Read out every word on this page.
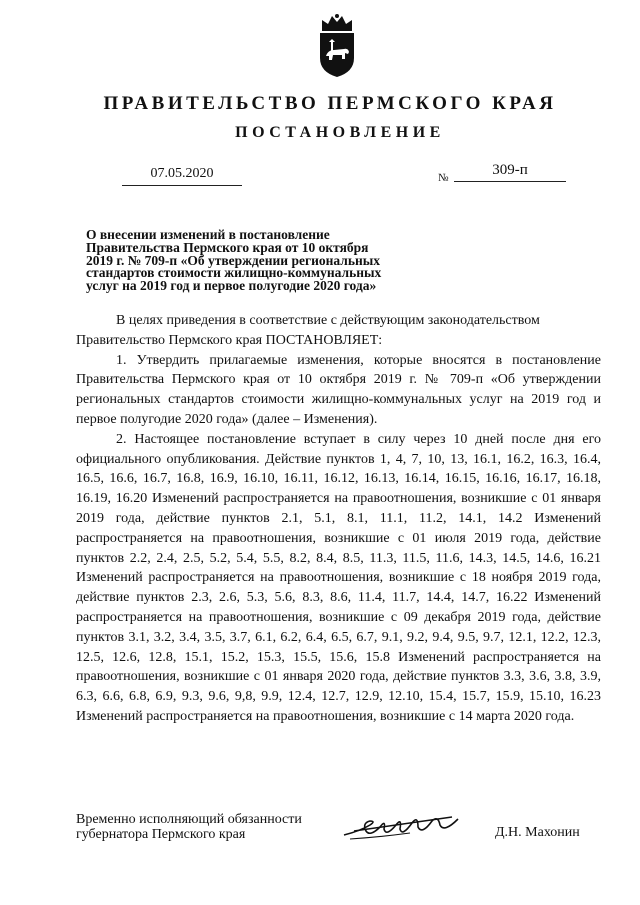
ПРАВИТЕЛЬСТВО ПЕРМСКОГО КРАЯ
ПОСТАНОВЛЕНИЕ
07.05.2020	№	309-п
О внесении изменений в постановление
Правительства Пермского края от 10 октября
2019 г. № 709-п «Об утверждении региональных
стандартов стоимости жилищно-коммунальных
услуг на 2019 год и первое полугодие 2020 года»

В целях приведения в соответствие с действующим законодательством Правительство Пермского края ПОСТАНОВЛЯЕТ:

1. Утвердить прилагаемые изменения, которые вносятся в постановление Правительства Пермского края от 10 октября 2019 г. № 709-п «Об утверждении региональных стандартов стоимости жилищно-коммунальных услуг на 2019 год и первое полугодие 2020 года» (далее – Изменения).

2. Настоящее постановление вступает в силу через 10 дней после дня его официального опубликования. Действие пунктов 1, 4, 7, 10, 13, 16.1, 16.2, 16.3, 16.4, 16.5, 16.6, 16.7, 16.8, 16.9, 16.10, 16.11, 16.12, 16.13, 16.14, 16.15, 16.16, 16.17, 16.18, 16.19, 16.20 Изменений распространяется на правоотношения, возникшие с 01 января 2019 года, действие пунктов 2.1, 5.1, 8.1, 11.1, 11.2, 14.1, 14.2 Изменений распространяется на правоотношения, возникшие с 01 июля 2019 года, действие пунктов 2.2, 2.4, 2.5, 5.2, 5.4, 5.5, 8.2, 8.4, 8.5, 11.3, 11.5, 11.6, 14.3, 14.5, 14.6, 16.21 Изменений распространяется на правоотношения, возникшие с 18 ноября 2019 года, действие пунктов 2.3, 2.6, 5.3, 5.6, 8.3, 8.6, 11.4, 11.7, 14.4, 14.7, 16.22 Изменений распространяется на правоотношения, возникшие с 09 декабря 2019 года, действие пунктов 3.1, 3.2, 3.4, 3.5, 3.7, 6.1, 6.2, 6.4, 6.5, 6.7, 9.1, 9.2, 9.4, 9.5, 9.7, 12.1, 12.2, 12.3, 12.5, 12.6, 12.8, 15.1, 15.2, 15.3, 15.5, 15.6, 15.8 Изменений распространяется на правоотношения, возникшие с 01 января 2020 года, действие пунктов 3.3, 3.6, 3.8, 3.9, 6.3, 6.6, 6.8, 6.9, 9.3, 9.6, 9,8, 9.9, 12.4, 12.7, 12.9, 12.10, 15.4, 15.7, 15.9, 15.10, 16.23 Изменений распространяется на правоотношения, возникшие с 14 марта 2020 года.

Временно исполняющий обязанности
губернатора Пермского края	Д.Н. Махонин
